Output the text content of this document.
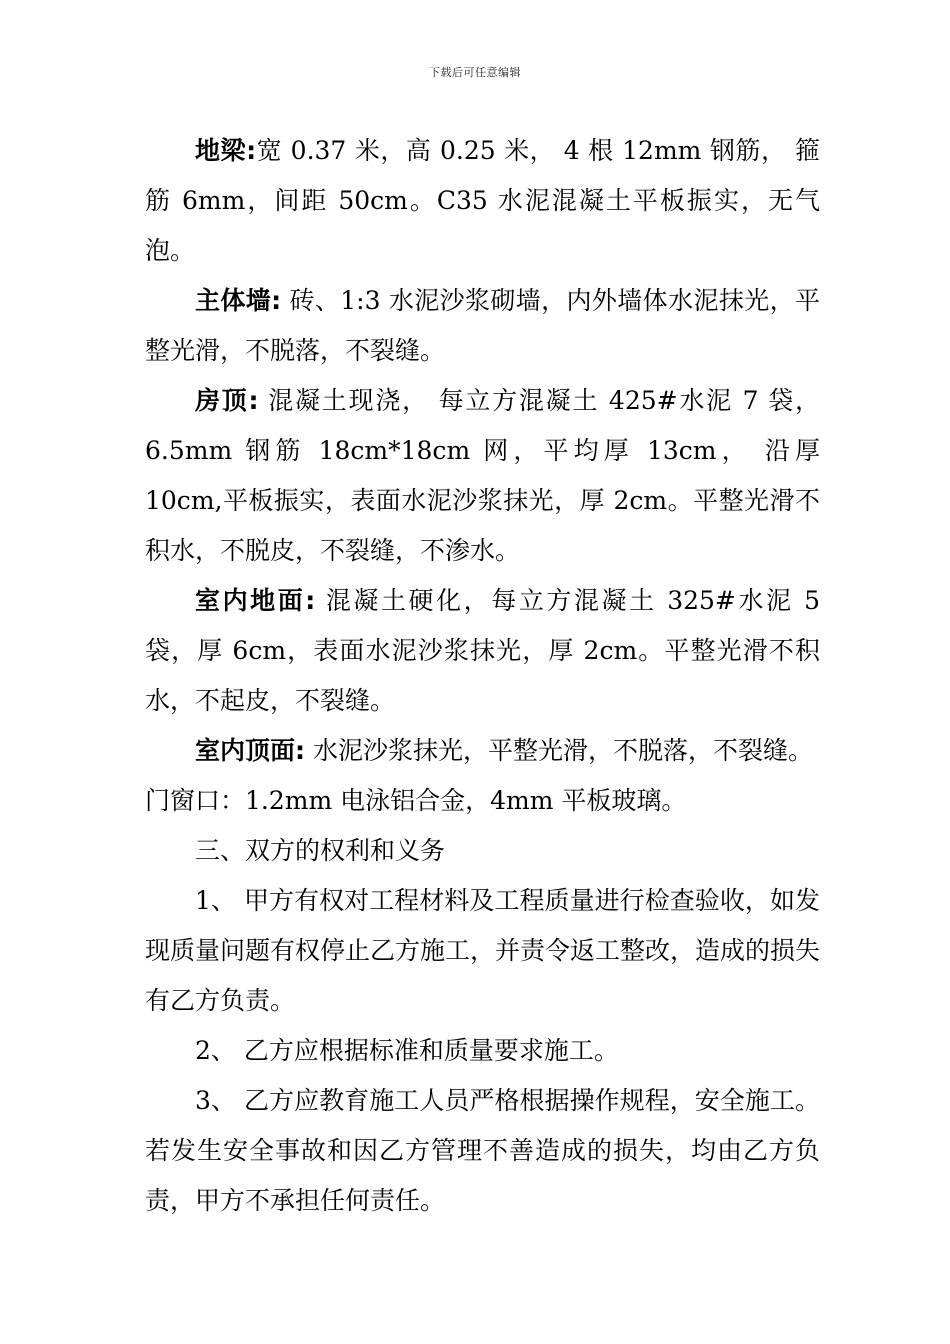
下载后可任意编辑

地梁:宽 0.37 米，高 0.25 米， 4 根 12mm 钢筋， 箍筋 6mm，间距 50cm。C35 水泥混凝土平板振实，无气泡。

主体墙: 砖、1:3 水泥沙浆砌墙，内外墙体水泥抹光，平整光滑，不脱落，不裂缝。

房顶: 混凝土现浇， 每立方混凝土 425#水泥 7 袋，6.5mm 钢筋 18cm*18cm 网，平均厚 13cm， 沿厚 10cm,平板振实，表面水泥沙浆抹光，厚 2cm。平整光滑不积水，不脱皮，不裂缝，不渗水。

室内地面: 混凝土硬化，每立方混凝土 325#水泥 5 袋，厚 6cm，表面水泥沙浆抹光，厚 2cm。平整光滑不积水，不起皮，不裂缝。

室内顶面: 水泥沙浆抹光，平整光滑，不脱落，不裂缝。

门窗口：1.2mm 电泳铝合金，4mm 平板玻璃。

三、双方的权利和义务

1、 甲方有权对工程材料及工程质量进行检查验收，如发现质量问题有权停止乙方施工，并责令返工整改，造成的损失有乙方负责。

2、 乙方应根据标准和质量要求施工。

3、 乙方应教育施工人员严格根据操作规程，安全施工。若发生安全事故和因乙方管理不善造成的损失，均由乙方负责，甲方不承担任何责任。
